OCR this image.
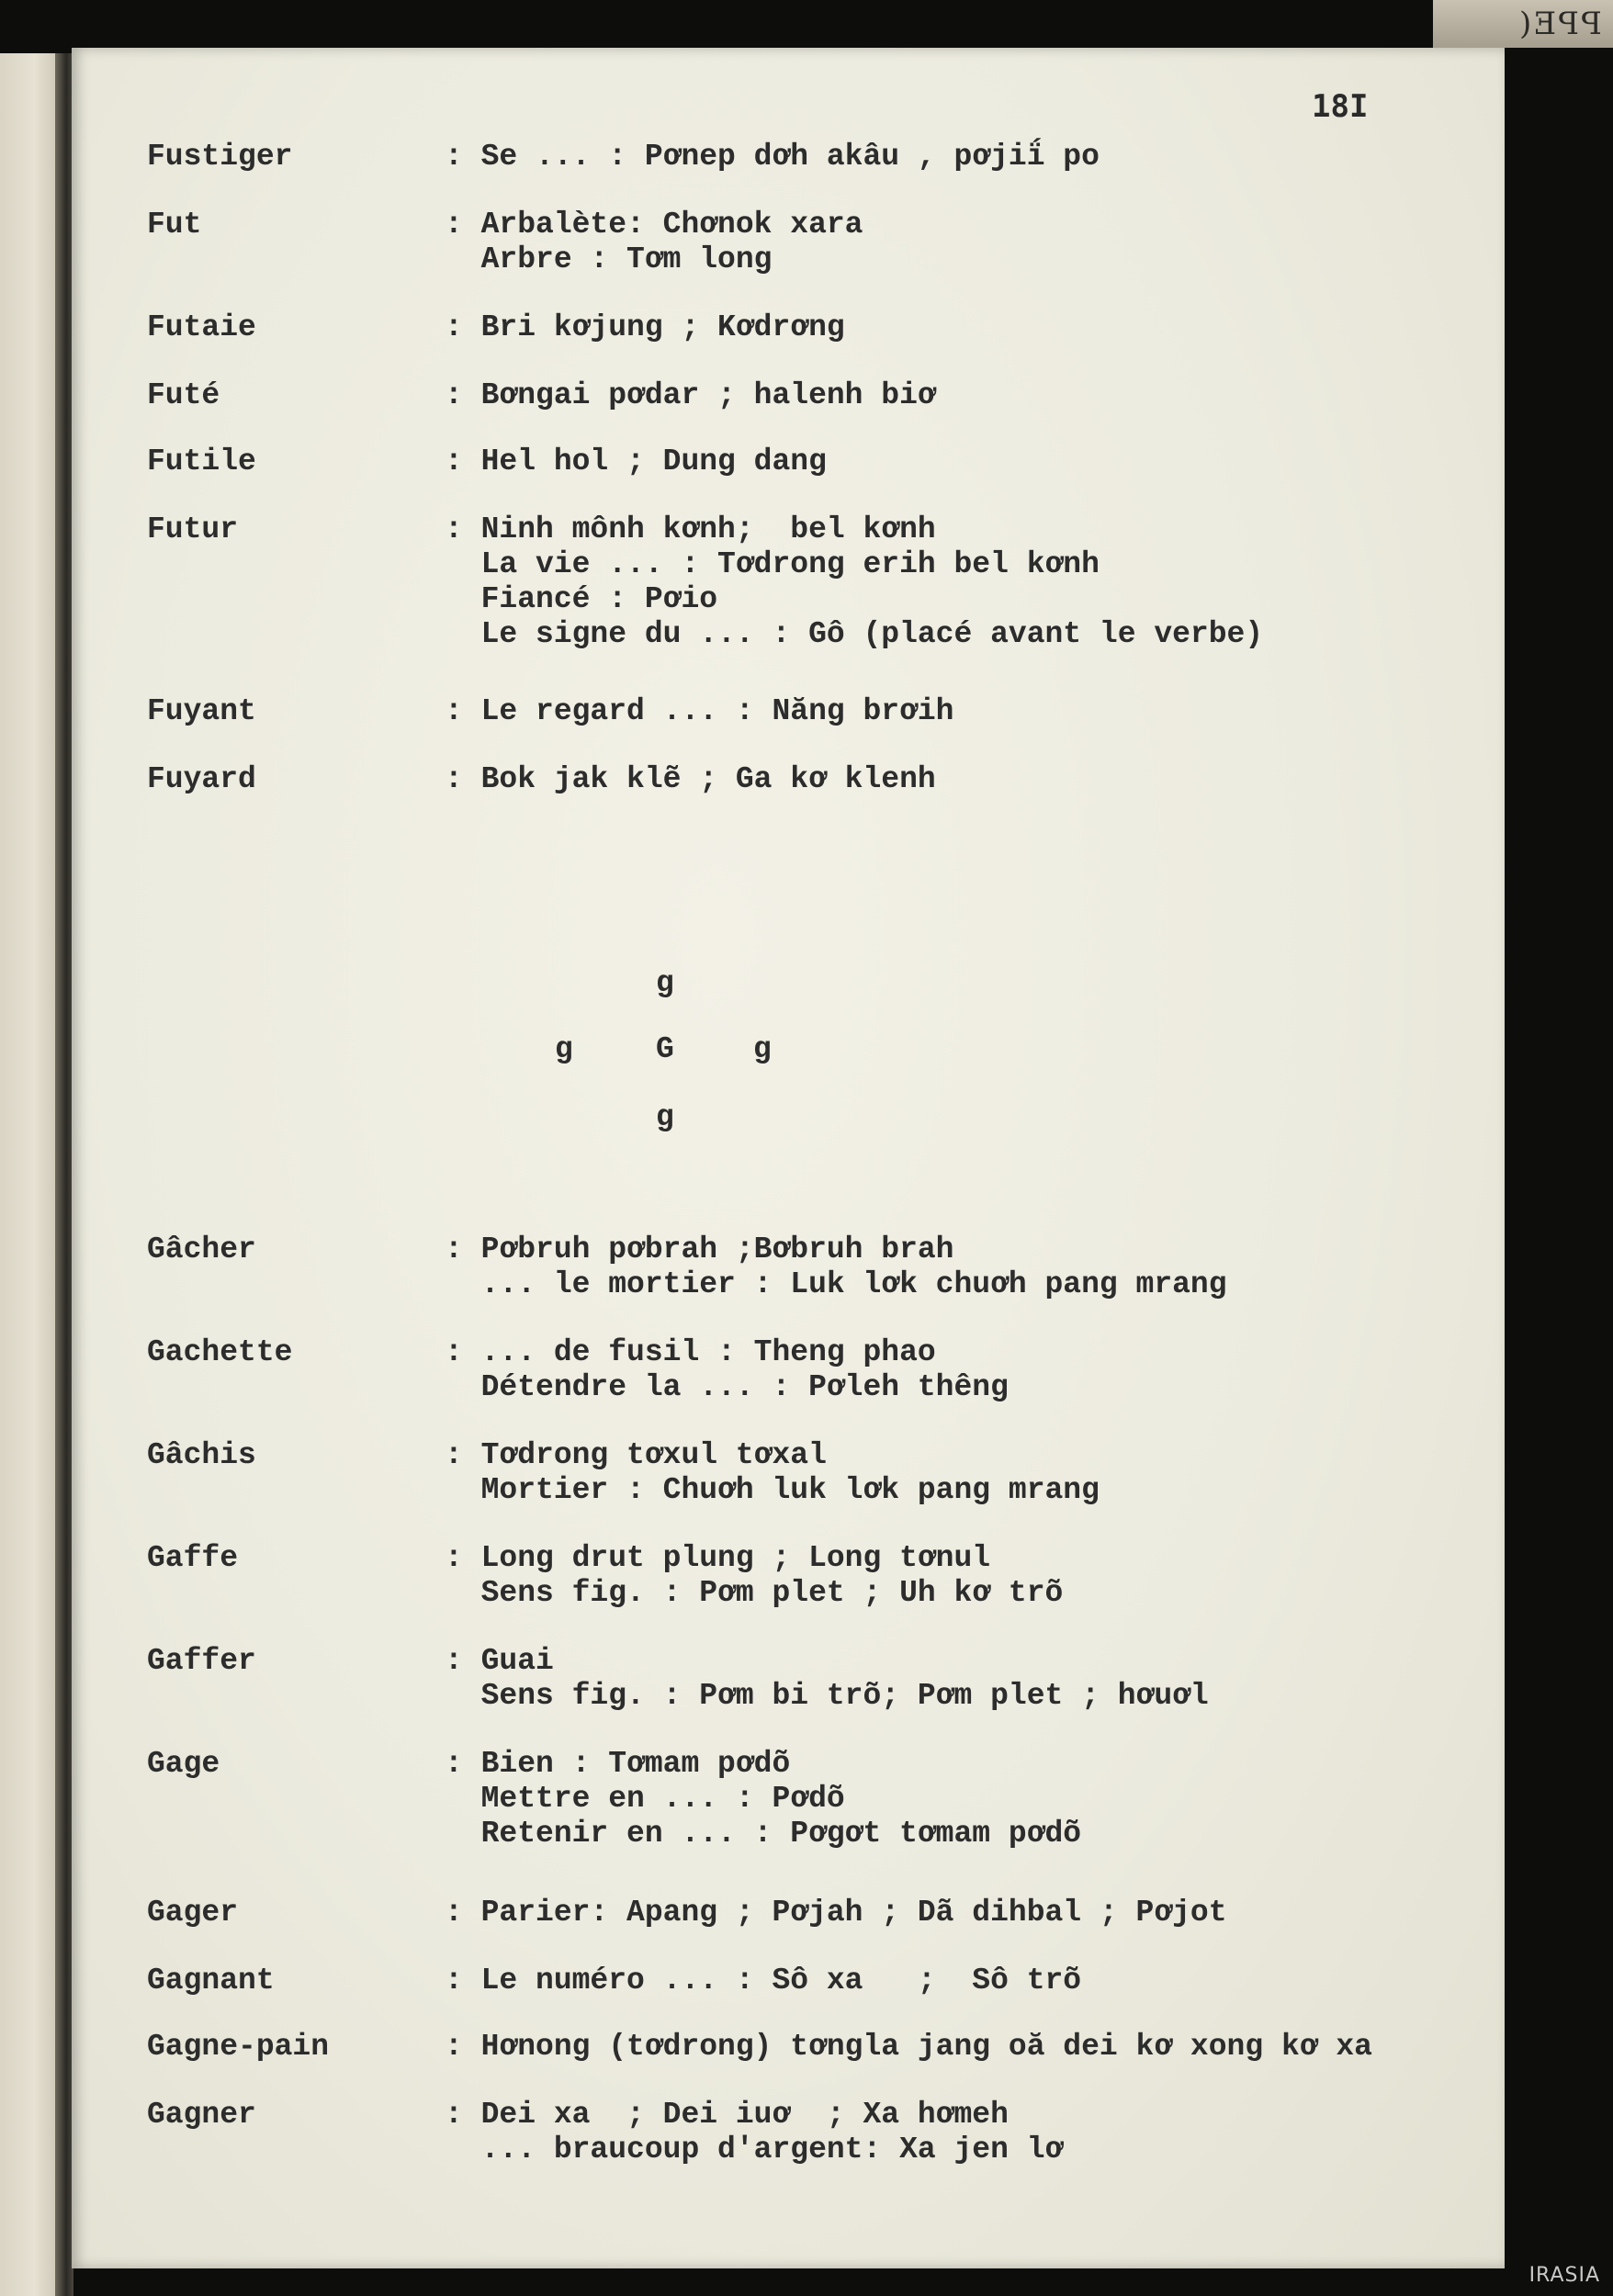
PPE(
18I
Fustiger	: Se ... : Pơnep dơh akâu , pơjiḯ po
Fut	: Arbalète: Chơnok xara
Arbre : Tơm long
Futaie	: Bri kơjung ; Kơdrơng
Futé	: Bơngai pơdar ; halenh biơ
Futile	: Hel hol ; Dung dang
Futur	: Ninh mônh kơnh;  bel kơnh
La vie ... : Tơdrong erih bel kơnh
Fiancé : Pơio
Le signe du ... : Gô (placé avant le verbe)
Fuyant	: Le regard ... : Năng brơih
Fuyard	: Bok jak klẽ ; Ga kơ klenh
Gâcher	: Pơbruh pơbrah ;Bơbruh brah
... le mortier : Luk lơk chuơh pang mrang
Gachette	: ... de fusil : Theng phao
Détendre la ... : Pơleh thêng
Gâchis	: Tơdrong tơxul tơxal
Mortier : Chuơh luk lơk pang mrang
Gaffe	: Long drut plung ; Long tơnul
Sens fig. : Pơm plet ; Uh kơ trõ
Gaffer	: Guai
Sens fig. : Pơm bi trõ; Pơm plet ; hơuơl
Gage	: Bien : Tơmam pơdõ
Mettre en ... : Pơdõ
Retenir en ... : Pơgơt tơmam pơdõ
Gager	: Parier: Apang ; Pơjah ; Dã dihbal ; Pơjot
Gagnant	: Le numéro ... : Sô xa   ;  Sô trõ
Gagne-pain	: Hơnong (tơdrong) tơngla jang oă dei kơ xong kơ xa
Gagner	: Dei xa  ; Dei iuơ  ; Xa hơmeh
... braucoup d'argent: Xa jen lơ
g
g	G	g
g
IRASIA
